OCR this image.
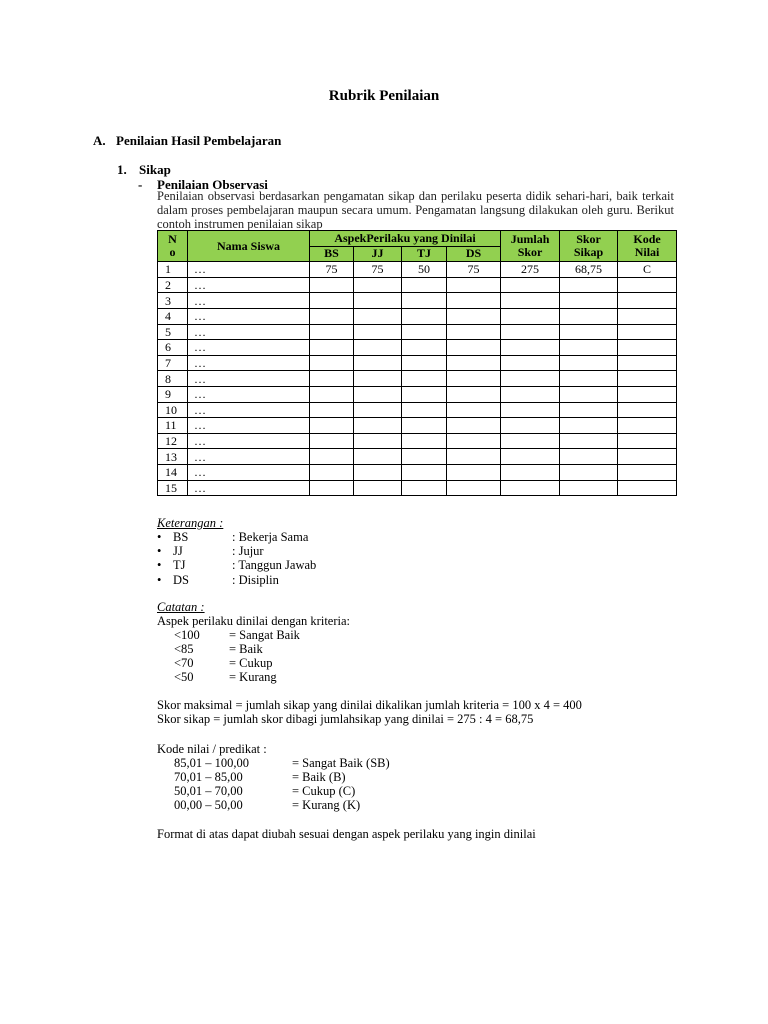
Rubrik Penilaian
A. Penilaian Hasil Pembelajaran
1. Sikap
- Penilaian Observasi
Penilaian observasi berdasarkan pengamatan sikap dan perilaku peserta didik sehari-hari, baik terkait dalam proses pembelajaran maupun secara umum. Pengamatan langsung dilakukan oleh guru. Berikut contoh instrumen penilaian sikap
N o	Nama Siswa	AspekPerilaku yang Dinilai				Jumlah Skor	Skor Sikap	Kode Nilai
		BS	JJ	TJ	DS			
1	…	75	75	50	75	275	68,75	C
2	…							
3	…							
4	…							
5	…							
6	…							
7	…							
8	…							
9	…							
10	…							
11	…							
12	…							
13	…							
14	…							
15	…							
Keterangan :
• BS	: Bekerja Sama
• JJ	: Jujur
• TJ	: Tanggun Jawab
• DS	: Disiplin
Catatan :
Aspek perilaku dinilai dengan kriteria:
<100 = Sangat Baik
<85	= Baik
<70	= Cukup
<50	= Kurang
Skor maksimal = jumlah sikap yang dinilai dikalikan jumlah kriteria = 100 x 4 = 400
Skor sikap = jumlah skor dibagi jumlahsikap yang dinilai = 275 : 4 = 68,75
Kode nilai / predikat :
85,01 – 100,00	= Sangat Baik (SB)
70,01 – 85,00	= Baik (B)
50,01 – 70,00	= Cukup (C)
00,00 – 50,00	= Kurang (K)
Format di atas dapat diubah sesuai dengan aspek perilaku yang ingin dinilai
